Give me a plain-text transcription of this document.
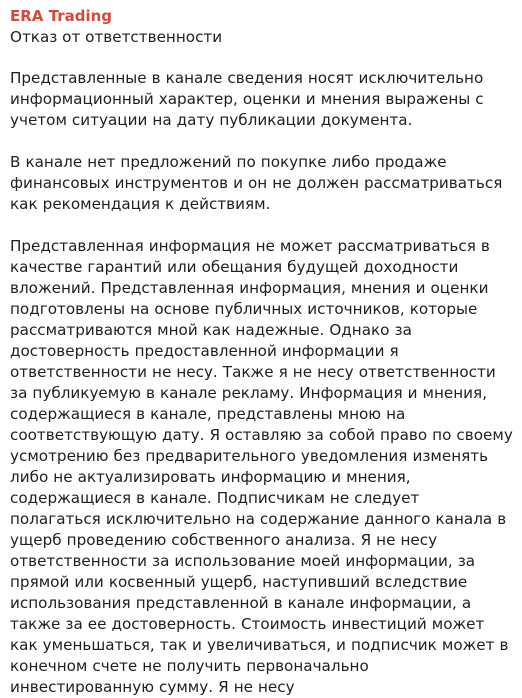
ERA Trading
Отказ от ответственности
Представленные в канале сведения носят исключительно информационный характер, оценки и мнения выражены с учетом ситуации на дату публикации документа.
В канале нет предложений по покупке либо продаже финансовых инструментов и он не должен рассматриваться как рекомендация к действиям.
Представленная информация не может рассматриваться в качестве гарантий или обещания будущей доходности вложений. Представленная информация, мнения и оценки подготовлены на основе публичных источников, которые рассматриваются мной как надежные. Однако за достоверность предоставленной информации я ответственности не несу. Также я не несу ответственности за публикуемую в канале рекламу. Информация и мнения, содержащиеся в канале, представлены мною на соответствующую дату. Я оставляю за собой право по своему усмотрению без предварительного уведомления изменять либо не актуализировать информацию и мнения, содержащиеся в канале. Подписчикам не следует полагаться исключительно на содержание данного канала в ущерб проведению собственного анализа. Я не несу ответственности за использование моей информации, за прямой или косвенный ущерб, наступивший вследствие использования представленной в канале информации, а также за ее достоверность. Стоимость инвестиций может как уменьшаться, так и увеличиваться, и подписчик может в конечном счете не получить первоначально инвестированную сумму. Я не несу
